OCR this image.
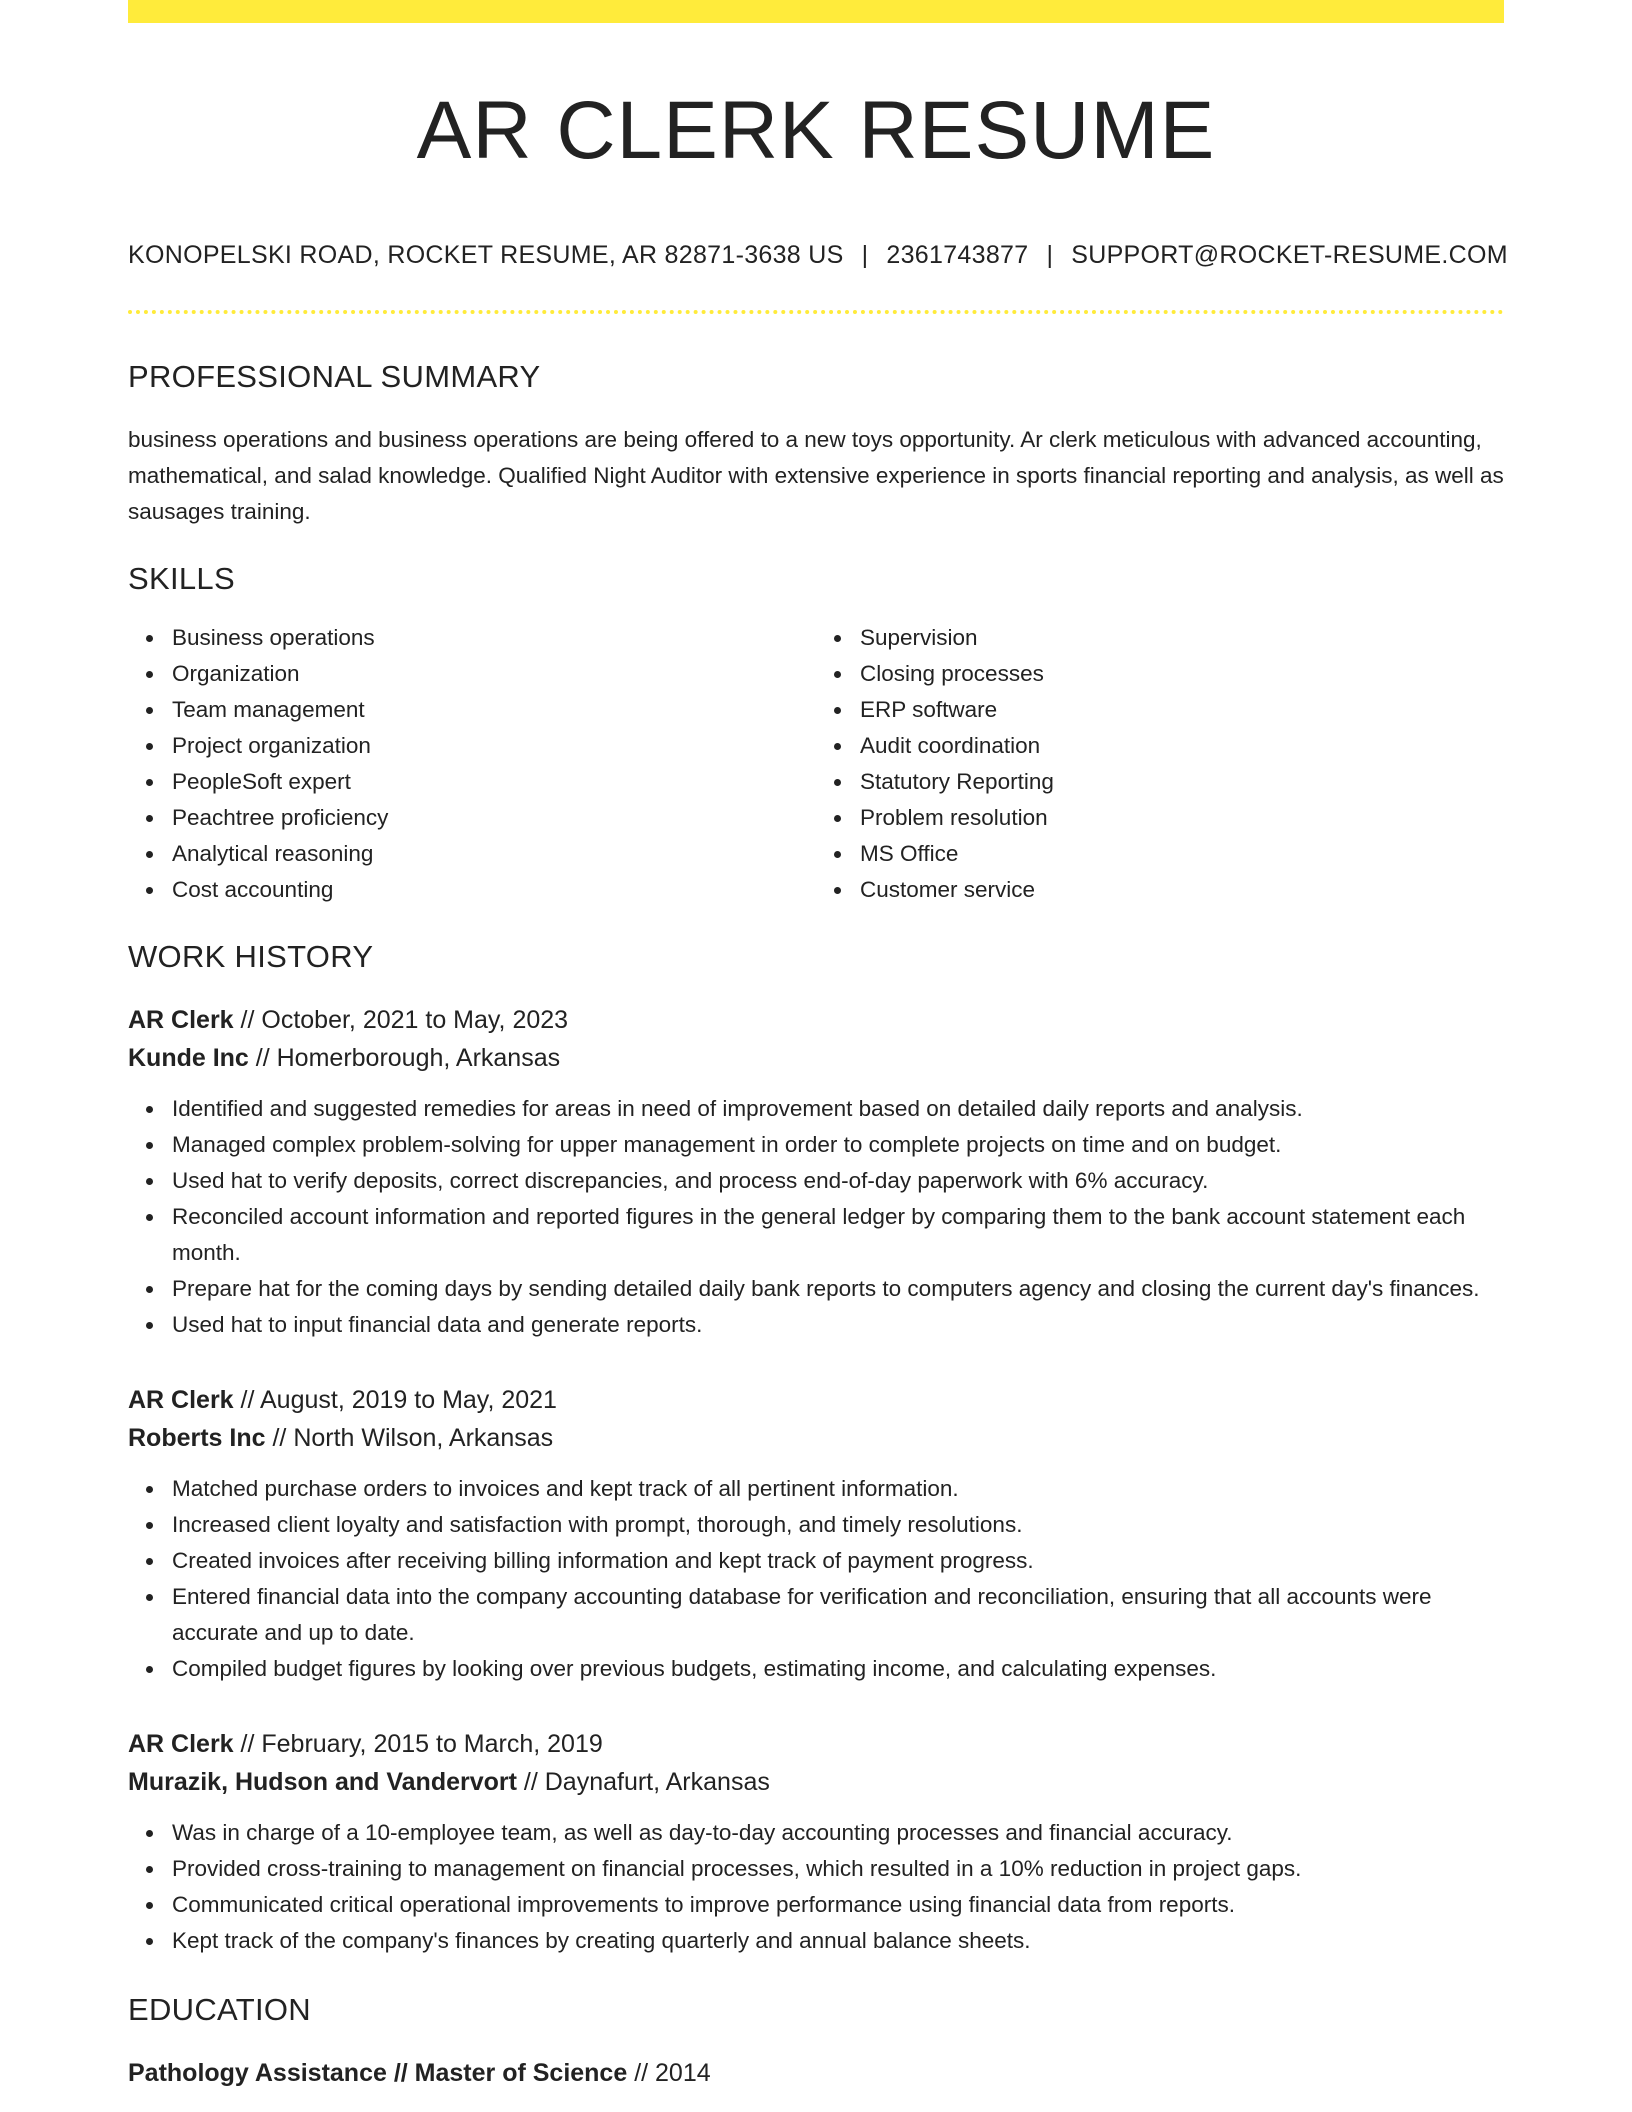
AR CLERK RESUME
KONOPELSKI ROAD, ROCKET RESUME, AR 82871-3638 US | 2361743877 | SUPPORT@ROCKET-RESUME.COM
PROFESSIONAL SUMMARY
business operations and business operations are being offered to a new toys opportunity. Ar clerk meticulous with advanced accounting, mathematical, and salad knowledge. Qualified Night Auditor with extensive experience in sports financial reporting and analysis, as well as sausages training.
SKILLS
Business operations
Organization
Team management
Project organization
PeopleSoft expert
Peachtree proficiency
Analytical reasoning
Cost accounting
Supervision
Closing processes
ERP software
Audit coordination
Statutory Reporting
Problem resolution
MS Office
Customer service
WORK HISTORY
AR Clerk // October, 2021 to May, 2023
Kunde Inc // Homerborough, Arkansas
Identified and suggested remedies for areas in need of improvement based on detailed daily reports and analysis.
Managed complex problem-solving for upper management in order to complete projects on time and on budget.
Used hat to verify deposits, correct discrepancies, and process end-of-day paperwork with 6% accuracy.
Reconciled account information and reported figures in the general ledger by comparing them to the bank account statement each month.
Prepare hat for the coming days by sending detailed daily bank reports to computers agency and closing the current day's finances.
Used hat to input financial data and generate reports.
AR Clerk // August, 2019 to May, 2021
Roberts Inc // North Wilson, Arkansas
Matched purchase orders to invoices and kept track of all pertinent information.
Increased client loyalty and satisfaction with prompt, thorough, and timely resolutions.
Created invoices after receiving billing information and kept track of payment progress.
Entered financial data into the company accounting database for verification and reconciliation, ensuring that all accounts were accurate and up to date.
Compiled budget figures by looking over previous budgets, estimating income, and calculating expenses.
AR Clerk // February, 2015 to March, 2019
Murazik, Hudson and Vandervort // Daynafurt, Arkansas
Was in charge of a 10-employee team, as well as day-to-day accounting processes and financial accuracy.
Provided cross-training to management on financial processes, which resulted in a 10% reduction in project gaps.
Communicated critical operational improvements to improve performance using financial data from reports.
Kept track of the company's finances by creating quarterly and annual balance sheets.
EDUCATION
Pathology Assistance // Master of Science // 2014
